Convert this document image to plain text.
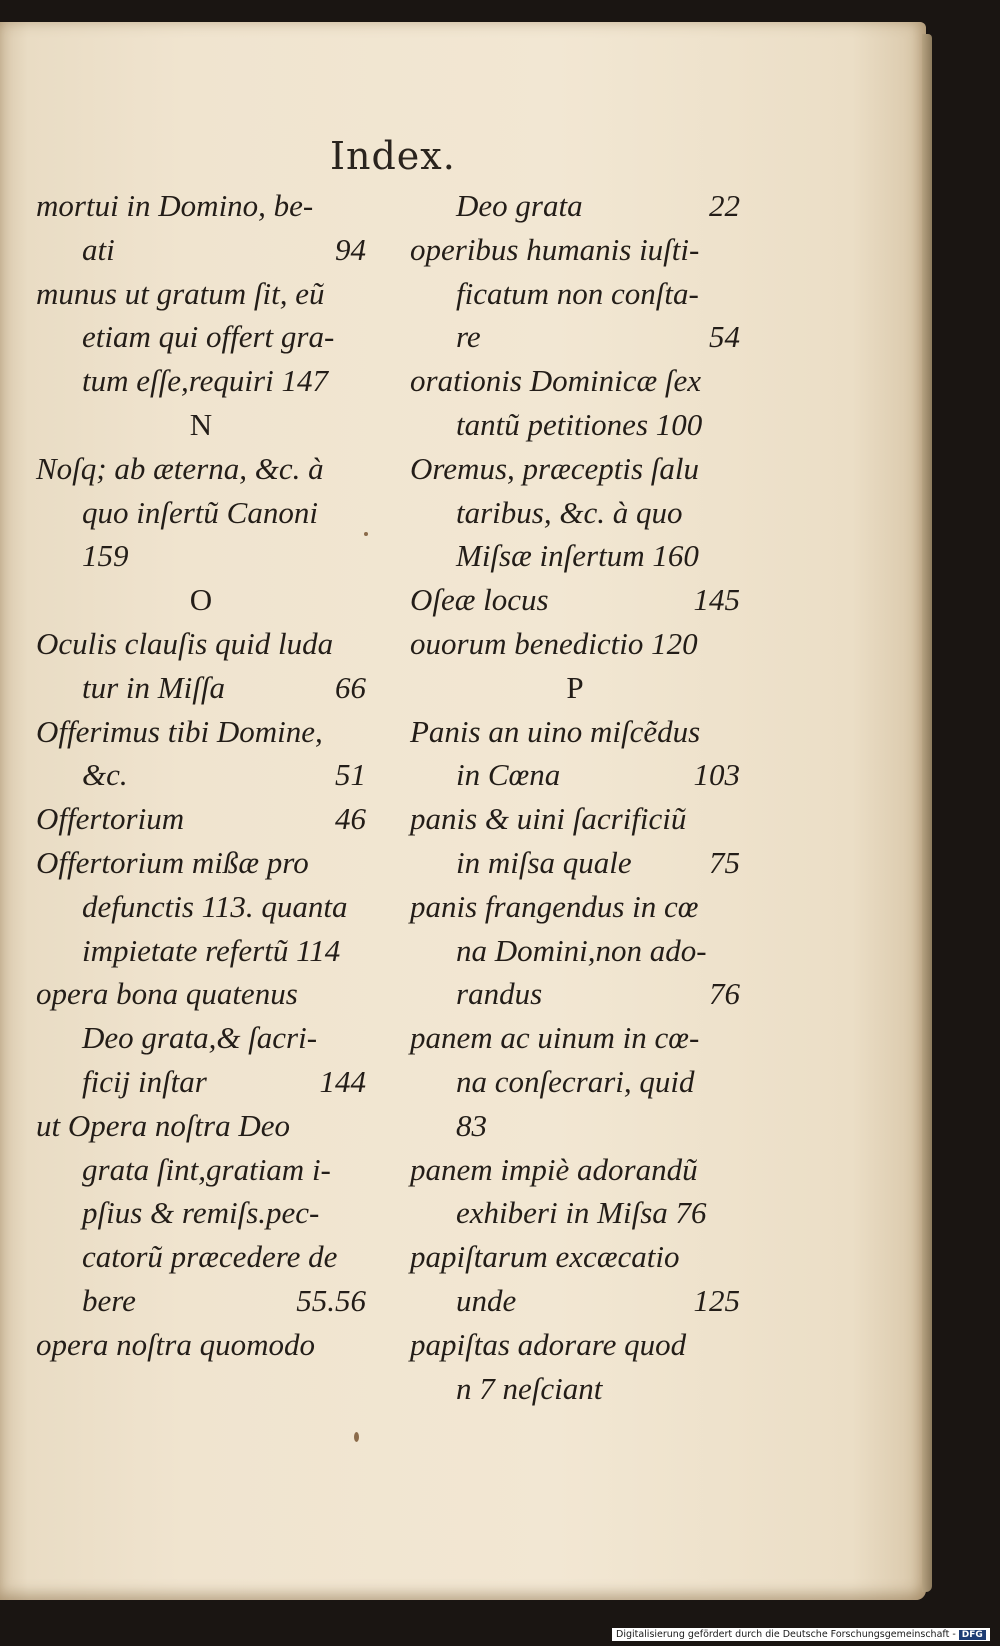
Index.
mortui in Domino, be-
ati	94
munus ut gratum ſit, eũ
etiam qui offert gra-
tum eſſe,requiri 147
N
Noſq; ab æterna, &c. à
quo inſertũ Canoni
159
O
Oculis clauſis quid luda
tur in Miſſa	66
Offerimus tibi Domine,
&c.	51
Offertorium	46
Offertorium mißæ pro
defunctis 113. quanta
impietate refertũ 114
opera bona quatenus
Deo grata,& ſacri-
ficij inſtar	144
ut Opera noſtra Deo
grata ſint,gratiam i-
pſius & remiſs.pec-
catorũ præcedere de
bere	55.56
opera noſtra quomodo
Deo grata	22
operibus humanis iuſti-
ficatum non conſta-
re	54
orationis Dominicæ ſex
tantũ petitiones 100
Oremus, præceptis ſalu
taribus, &c. à quo
Miſsæ inſertum 160
Oſeæ locus	145
ouorum benedictio 120
P
Panis an uino miſcẽdus
in Cœna	103
panis & uini ſacrificiũ
in miſsa quale 75
panis frangendus in cœ
na Domini,non ado-
randus	76
panem ac uinum in cœ-
na conſecrari, quid
83
panem impiè adorandũ
exhiberi in Miſsa 76
papiſtarum excæcatio
unde	125
papiſtas adorare quod
n 7 neſciant
Digitalisierung gefördert durch die Deutsche Forschungsgemeinschaft - DFG
